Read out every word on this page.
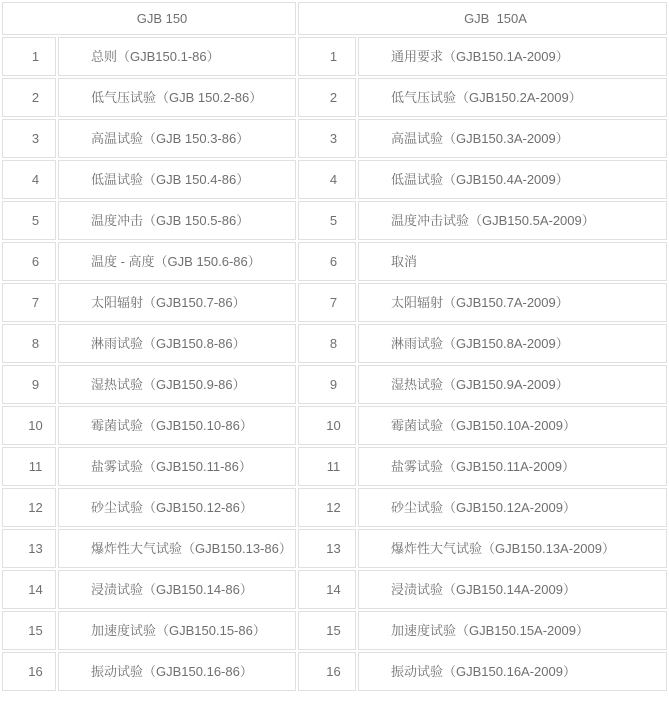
GJB 150		GJB  150A	
1	总则（GJB150.1-86）	1	通用要求（GJB150.1A-2009）
2	低气压试验（GJB 150.2-86）	2	低气压试验（GJB150.2A-2009）
3	高温试验（GJB 150.3-86）	3	高温试验（GJB150.3A-2009）
4	低温试验（GJB 150.4-86）	4	低温试验（GJB150.4A-2009）
5	温度冲击（GJB 150.5-86）	5	温度冲击试验（GJB150.5A-2009）
6	温度 - 高度（GJB 150.6-86）	6	取消
7	太阳辐射（GJB150.7-86）	7	太阳辐射（GJB150.7A-2009）
8	淋雨试验（GJB150.8-86）	8	淋雨试验（GJB150.8A-2009）
9	湿热试验（GJB150.9-86）	9	湿热试验（GJB150.9A-2009）
10	霉菌试验（GJB150.10-86）	10	霉菌试验（GJB150.10A-2009）
11	盐雾试验（GJB150.11-86）	11	盐雾试验（GJB150.11A-2009）
12	砂尘试验（GJB150.12-86）	12	砂尘试验（GJB150.12A-2009）
13	爆炸性大气试验（GJB150.13-86）	13	爆炸性大气试验（GJB150.13A-2009）
14	浸渍试验（GJB150.14-86）	14	浸渍试验（GJB150.14A-2009）
15	加速度试验（GJB150.15-86）	15	加速度试验（GJB150.15A-2009）
16	振动试验（GJB150.16-86）	16	振动试验（GJB150.16A-2009）
